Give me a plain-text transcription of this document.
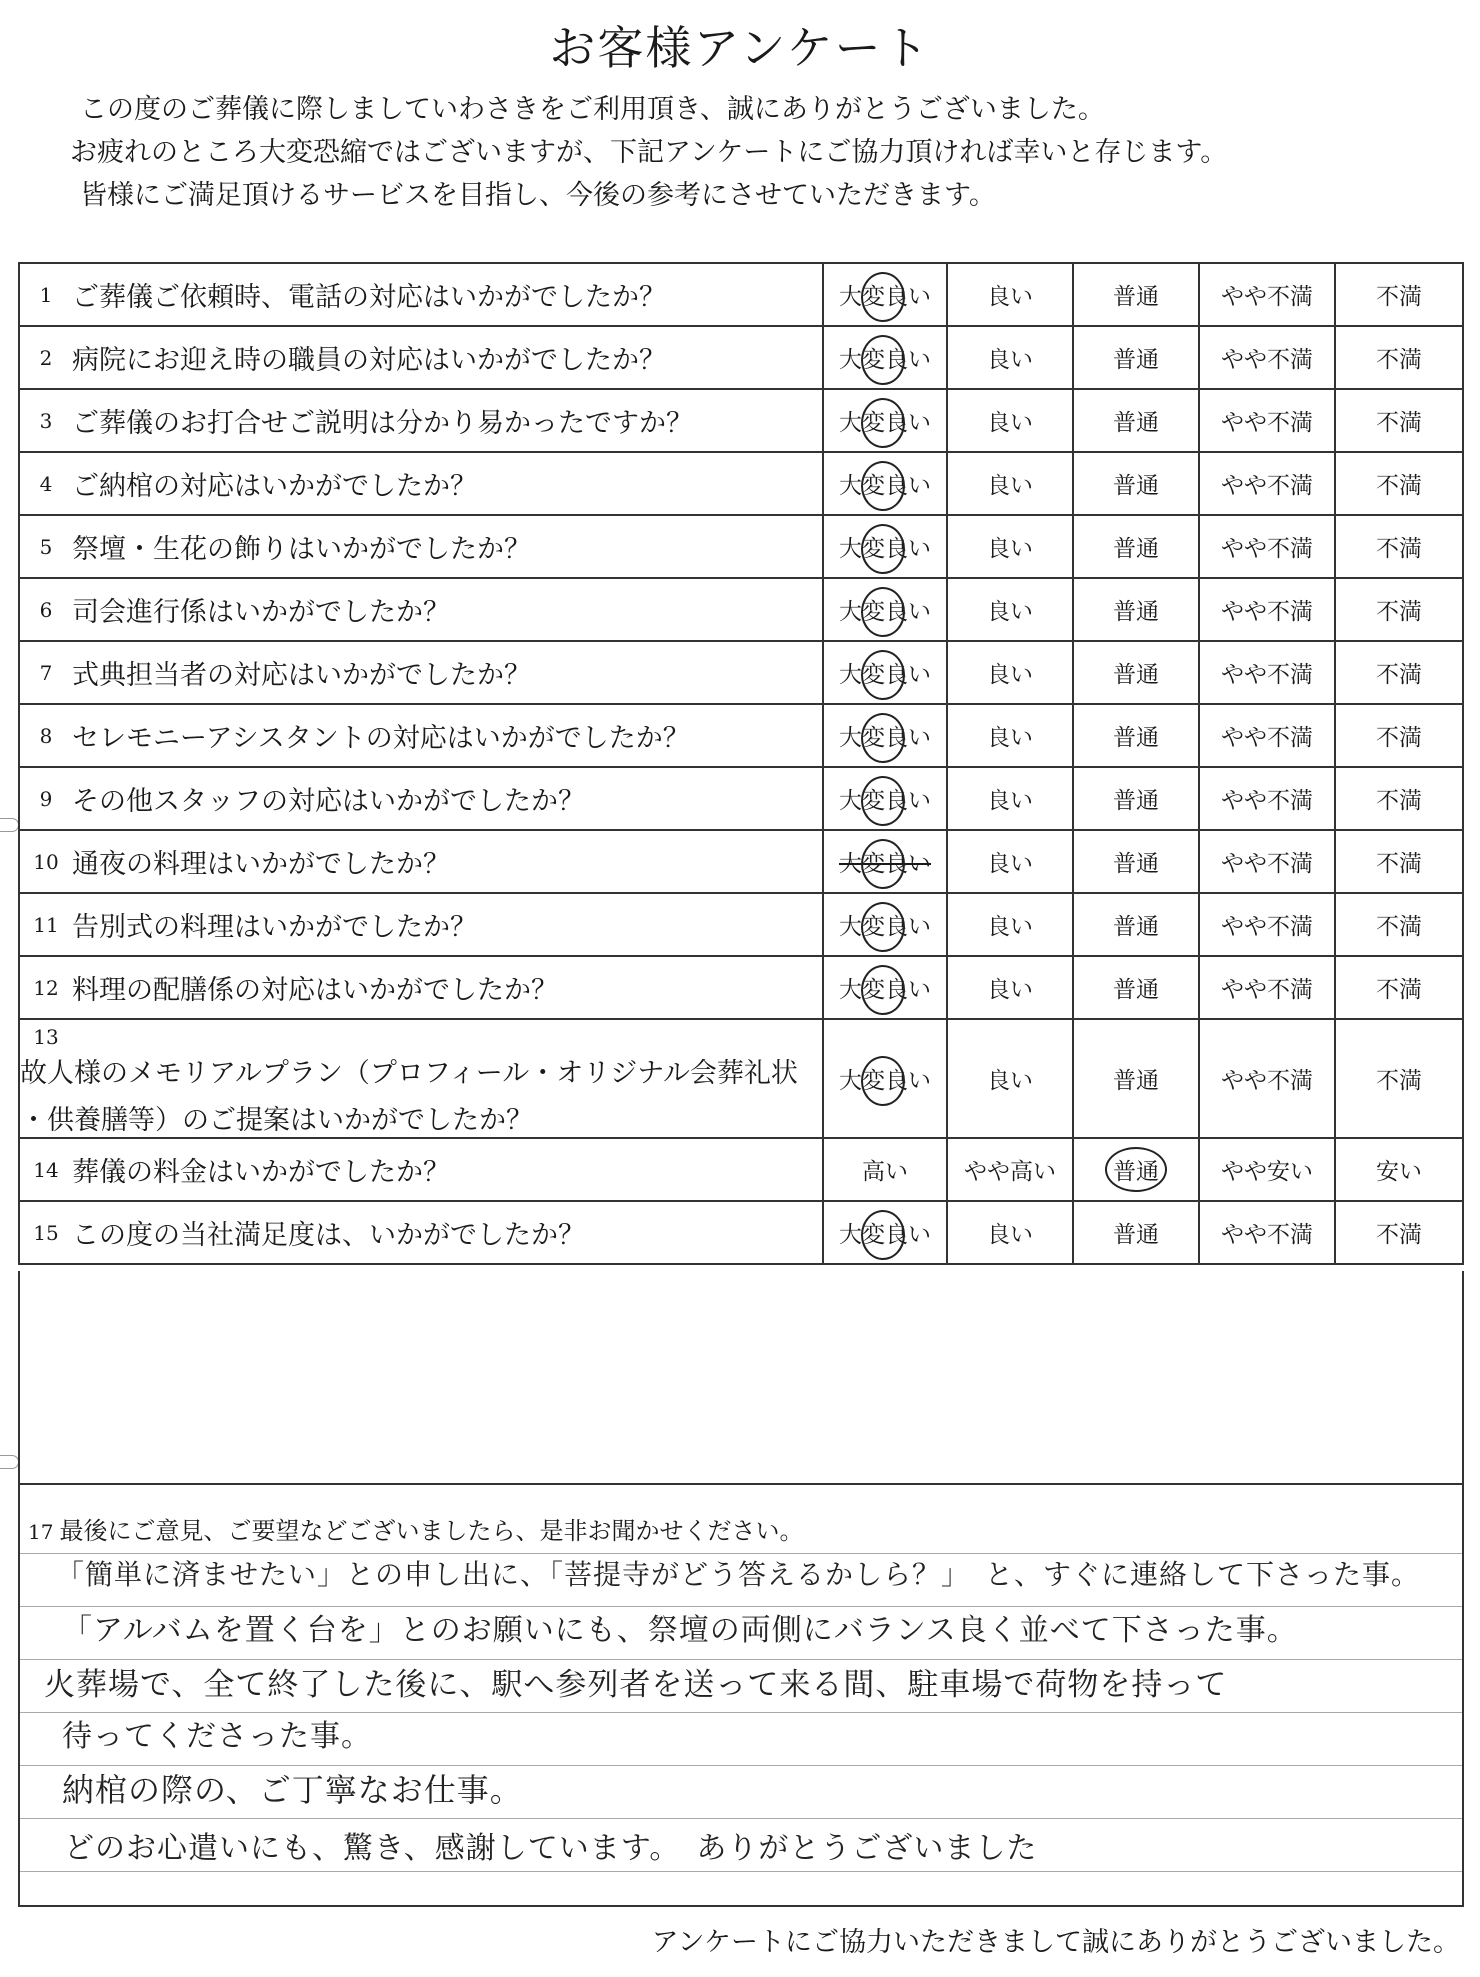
お客様アンケート
この度のご葬儀に際しましていわさきをご利用頂き、誠にありがとうございました。
お疲れのところ大変恐縮ではございますが、下記アンケートにご協力頂ければ幸いと存じます。
皆様にご満足頂けるサービスを目指し、今後の参考にさせていただきます。
1 ご葬儀ご依頼時、電話の対応はいかがでしたか？	大変良い	良い	普通	やや不満	不満
2 病院にお迎え時の職員の対応はいかがでしたか？	大変良い	良い	普通	やや不満	不満
3 ご葬儀のお打合せご説明は分かり易かったですか？	大変良い	良い	普通	やや不満	不満
4 ご納棺の対応はいかがでしたか？	大変良い	良い	普通	やや不満	不満
5 祭壇・生花の飾りはいかがでしたか？	大変良い	良い	普通	やや不満	不満
6 司会進行係はいかがでしたか？	大変良い	良い	普通	やや不満	不満
7 式典担当者の対応はいかがでしたか？	大変良い	良い	普通	やや不満	不満
8 セレモニーアシスタントの対応はいかがでしたか？	大変良い	良い	普通	やや不満	不満
9 その他スタッフの対応はいかがでしたか？	大変良い	良い	普通	やや不満	不満
10 通夜の料理はいかがでしたか？	大変良い	良い	普通	やや不満	不満
11 告別式の料理はいかがでしたか？	大変良い	良い	普通	やや不満	不満
12 料理の配膳係の対応はいかがでしたか？	大変良い	良い	普通	やや不満	不満
13
故人様のメモリアルプラン（プロフィール・オリジナル会葬礼状
・供養膳等）のご提案はいかがでしたか？	大変良い	良い	普通	やや不満	不満
14 葬儀の料金はいかがでしたか？	高い	やや高い	普通	やや安い	安い
15 この度の当社満足度は、いかがでしたか？	大変良い	良い	普通	やや不満	不満
17 最後にご意見、ご要望などございましたら、是非お聞かせください。
「簡単に済ませたい」との申し出に、「菩提寺がどう答えるかしら？」　と、すぐに連絡して下さった事。
「アルバムを置く台を」とのお願いにも、祭壇の両側にバランス良く並べて下さった事。
火葬場で、全て終了した後に、駅へ参列者を送って来る間、駐車場で荷物を持って
待ってくださった事。
納棺の際の、ご丁寧なお仕事。
どのお心遣いにも、驚き、感謝しています。　ありがとうございました
アンケートにご協力いただきまして誠にありがとうございました。
